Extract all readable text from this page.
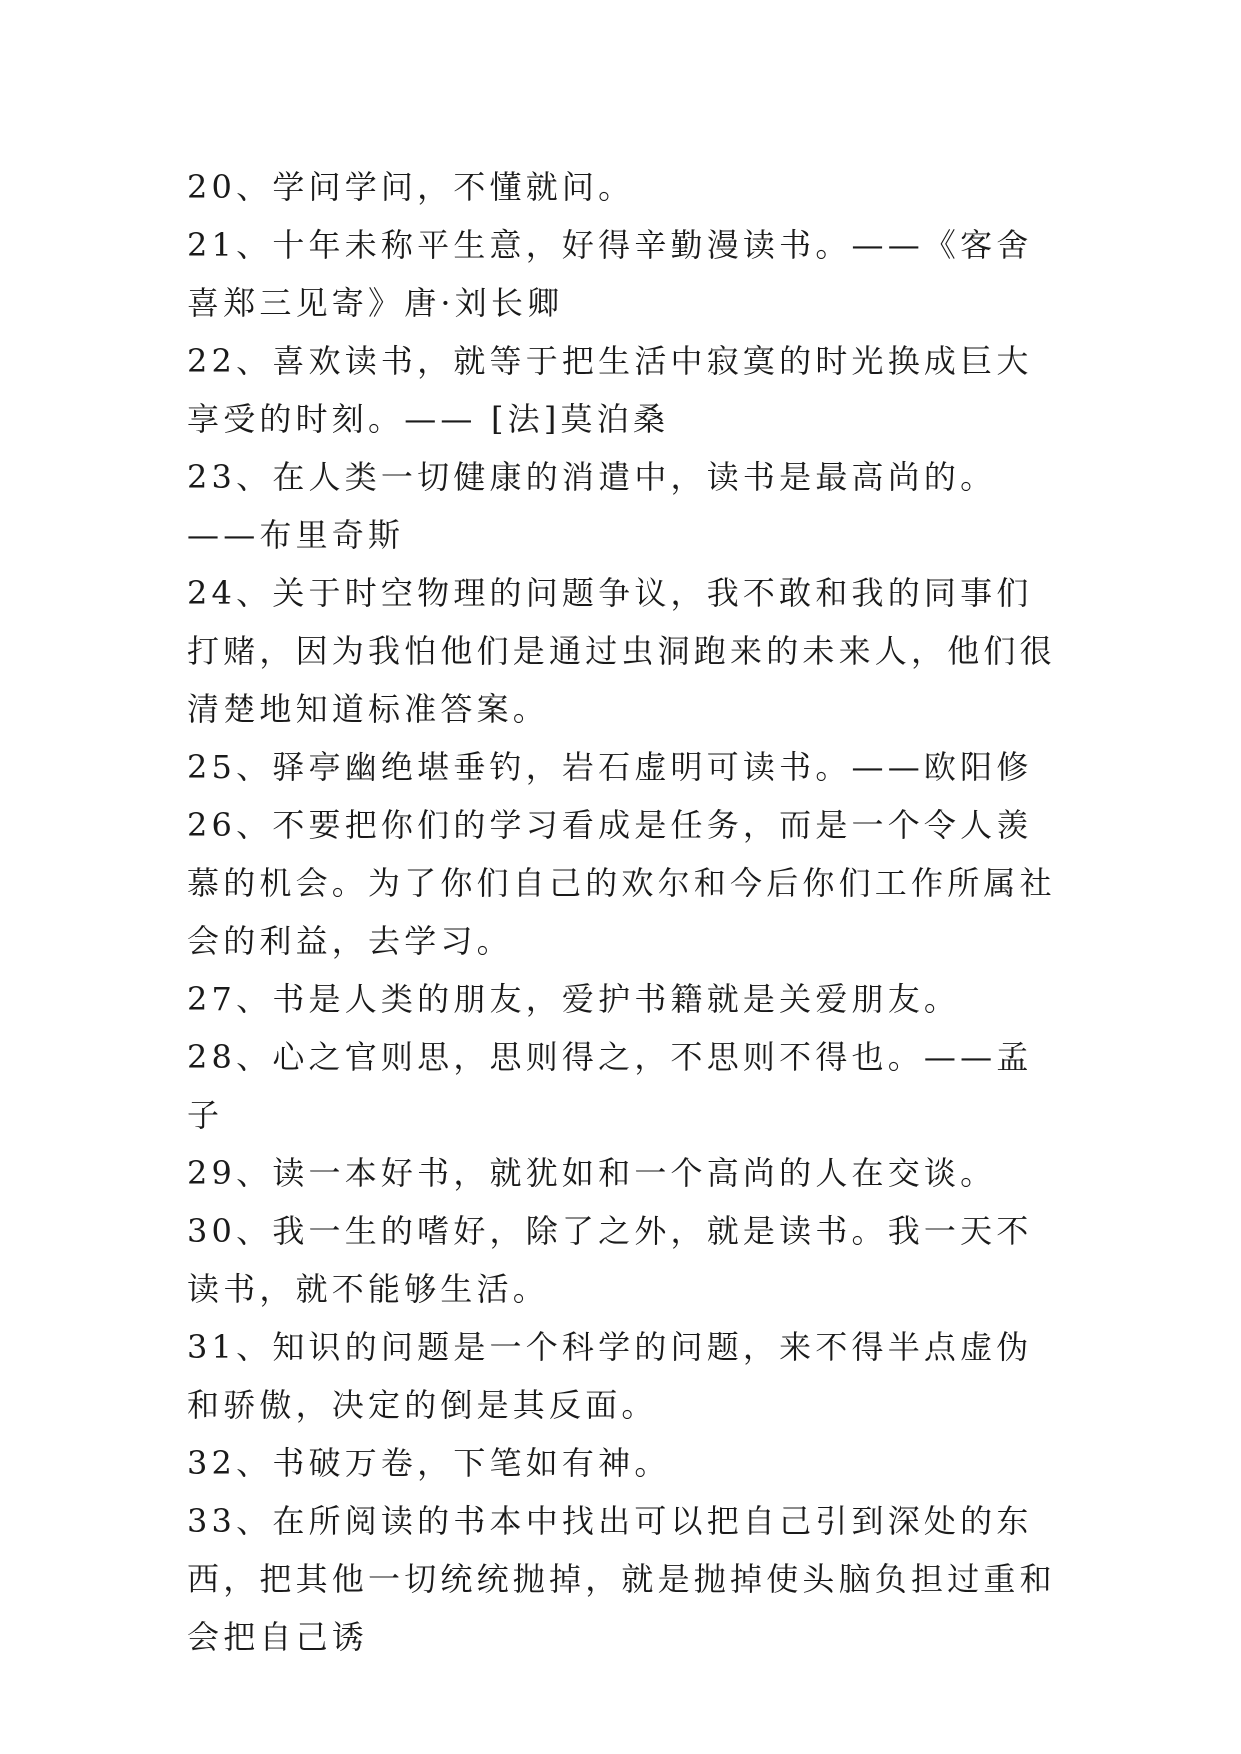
20、学问学问，不懂就问。

21、十年未称平生意，好得辛勤漫读书。——《客舍喜郑三见寄》唐·刘长卿

22、喜欢读书，就等于把生活中寂寞的时光换成巨大享受的时刻。—— [法]莫泊桑

23、在人类一切健康的消遣中，读书是最高尚的。 ——布里奇斯

24、关于时空物理的问题争议，我不敢和我的同事们打赌，因为我怕他们是通过虫洞跑来的未来人，他们很清楚地知道标准答案。

25、驿亭幽绝堪垂钓，岩石虚明可读书。——欧阳修

26、不要把你们的学习看成是任务，而是一个令人羡慕的机会。为了你们自己的欢尔和今后你们工作所属社会的利益，去学习。

27、书是人类的朋友，爱护书籍就是关爱朋友。

28、心之官则思，思则得之，不思则不得也。——孟子

29、读一本好书，就犹如和一个高尚的人在交谈。

30、我一生的嗜好，除了之外，就是读书。我一天不读书，就不能够生活。

31、知识的问题是一个科学的问题，来不得半点虚伪和骄傲，决定的倒是其反面。

32、书破万卷，下笔如有神。

33、在所阅读的书本中找出可以把自己引到深处的东西，把其他一切统统抛掉，就是抛掉使头脑负担过重和会把自己诱
